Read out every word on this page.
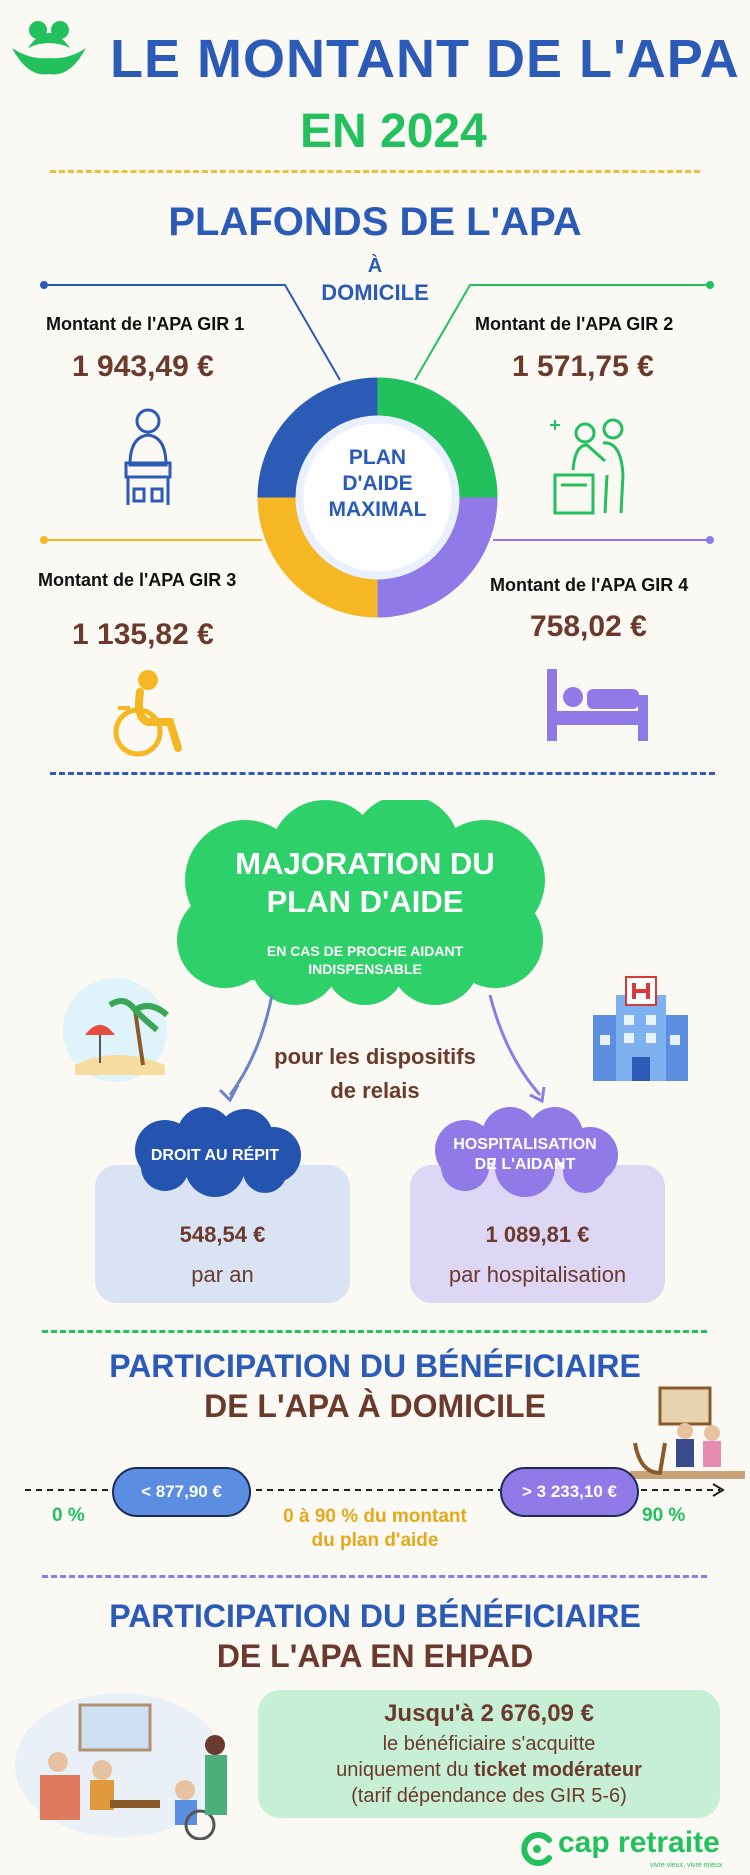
LE MONTANT DE L'APA
EN 2024
PLAFONDS DE L'APA
À
DOMICILE
PLAN
D'AIDE
MAXIMAL
Montant de l'APA GIR 1
1 943,49 €
Montant de l'APA GIR 2
1 571,75 €
Montant de l'APA GIR 3
1 135,82 €
Montant de l'APA GIR 4
758,02 €
MAJORATION DU
PLAN D'AIDE
EN CAS DE PROCHE AIDANT
INDISPENSABLE
pour les dispositifs
de relais
DROIT AU RÉPIT
548,54 €
par an
HOSPITALISATION
DE L'AIDANT
1 089,81 €
par hospitalisation
PARTICIPATION DU BÉNÉFICIAIRE
DE L'APA À DOMICILE
< 877,90 €	> 3 233,10 €
0 %	90 %
0 à 90 % du montant
du plan d'aide
PARTICIPATION DU BÉNÉFICIAIRE
DE L'APA EN EHPAD
Jusqu'à 2 676,09 €
le bénéficiaire s'acquitte
uniquement du ticket modérateur
(tarif dépendance des GIR 5-6)
cap retraite
vivre vieux, vivre mieux
